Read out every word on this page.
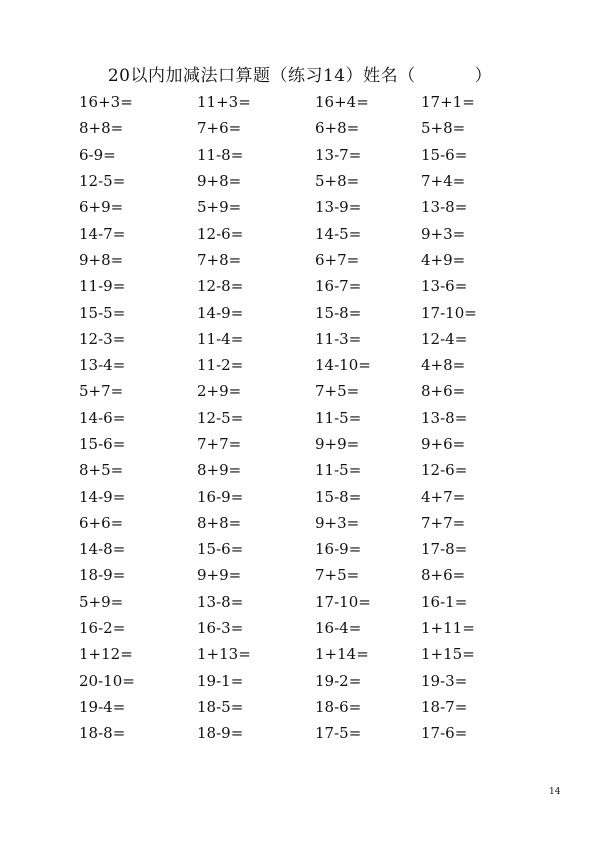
20以内加减法口算题（练习14）姓名（	）
16+3=	11+3=	16+4=	17+1=
8+8=	7+6=	6+8=	5+8=
6-9=	11-8=	13-7=	15-6=
12-5=	9+8=	5+8=	7+4=
6+9=	5+9=	13-9=	13-8=
14-7=	12-6=	14-5=	9+3=
9+8=	7+8=	6+7=	4+9=
11-9=	12-8=	16-7=	13-6=
15-5=	14-9=	15-8=	17-10=
12-3=	11-4=	11-3=	12-4=
13-4=	11-2=	14-10=	4+8=
5+7=	2+9=	7+5=	8+6=
14-6=	12-5=	11-5=	13-8=
15-6=	7+7=	9+9=	9+6=
8+5=	8+9=	11-5=	12-6=
14-9=	16-9=	15-8=	4+7=
6+6=	8+8=	9+3=	7+7=
14-8=	15-6=	16-9=	17-8=
18-9=	9+9=	7+5=	8+6=
5+9=	13-8=	17-10=	16-1=
16-2=	16-3=	16-4=	1+11=
1+12=	1+13=	1+14=	1+15=
20-10=	19-1=	19-2=	19-3=
19-4=	18-5=	18-6=	18-7=
18-8=	18-9=	17-5=	17-6=
14
